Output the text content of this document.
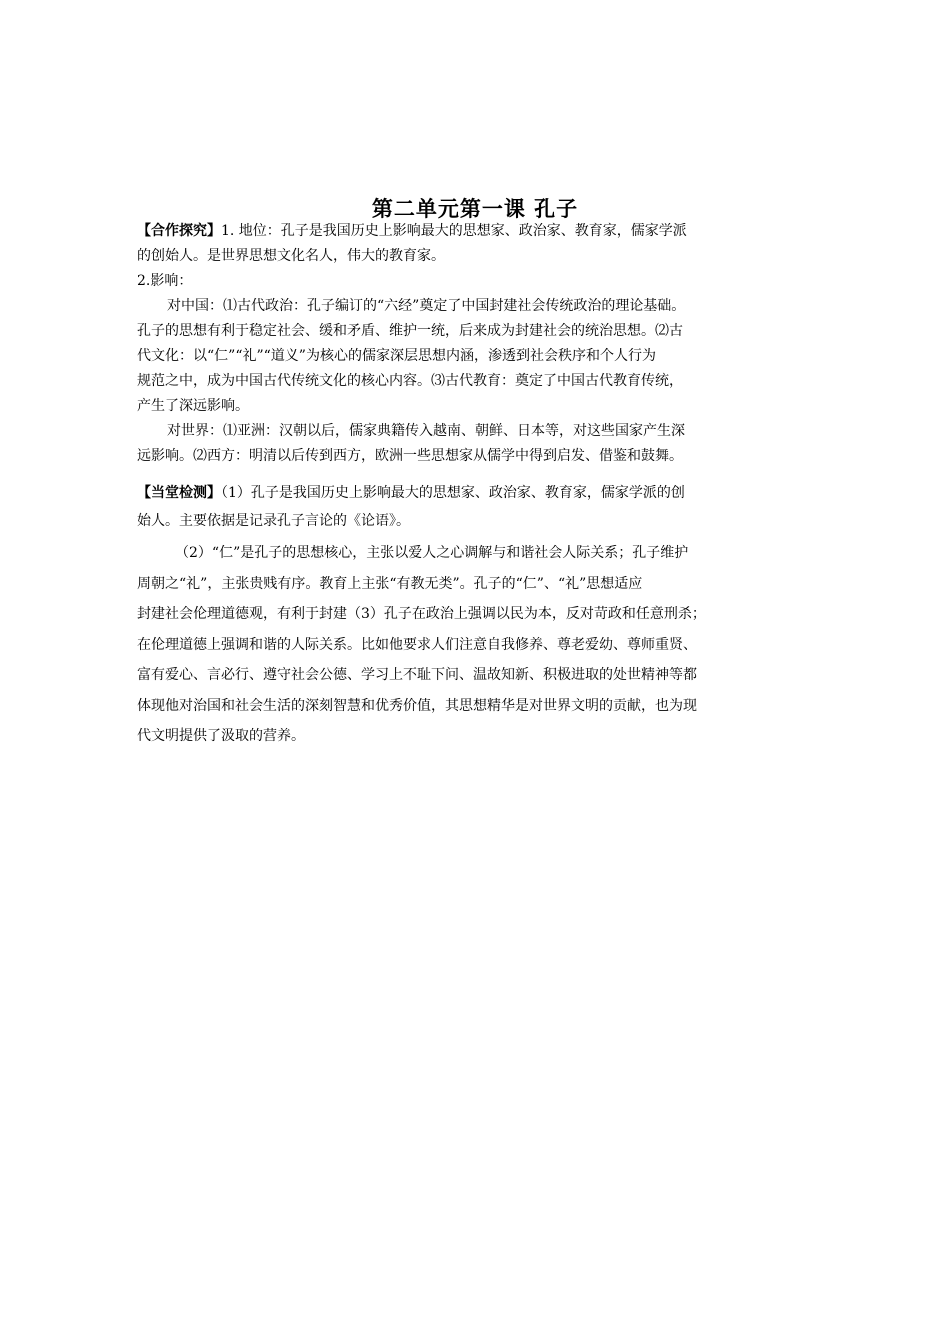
第二单元第一课 孔子
【合作探究】1. 地位：孔子是我国历史上影响最大的思想家、政治家、教育家，儒家学派
的创始人。是世界思想文化名人，伟大的教育家。
2.影响：
对中国：⑴古代政治：孔子编订的“六经”奠定了中国封建社会传统政治的理论基础。
孔子的思想有利于稳定社会、缓和矛盾、维护一统，后来成为封建社会的统治思想。⑵古
代文化：以“仁”“礼”“道义”为核心的儒家深层思想内涵，渗透到社会秩序和个人行为
规范之中，成为中国古代传统文化的核心内容。⑶古代教育：奠定了中国古代教育传统，
产生了深远影响。
对世界：⑴亚洲：汉朝以后，儒家典籍传入越南、朝鲜、日本等，对这些国家产生深
远影响。⑵西方：明清以后传到西方，欧洲一些思想家从儒学中得到启发、借鉴和鼓舞。
【当堂检测】（1）孔子是我国历史上影响最大的思想家、政治家、教育家，儒家学派的创
始人。主要依据是记录孔子言论的《论语》。
（2）“仁”是孔子的思想核心，主张以爱人之心调解与和谐社会人际关系；孔子维护
周朝之“礼”，主张贵贱有序。教育上主张“有教无类”。孔子的“仁”、“礼”思想适应
封建社会伦理道德观，有利于封建（3）孔子在政治上强调以民为本，反对苛政和任意刑杀；
在伦理道德上强调和谐的人际关系。比如他要求人们注意自我修养、尊老爱幼、尊师重贤、
富有爱心、言必行、遵守社会公德、学习上不耻下问、温故知新、积极进取的处世精神等都
体现他对治国和社会生活的深刻智慧和优秀价值，其思想精华是对世界文明的贡献，也为现
代文明提供了汲取的营养。
